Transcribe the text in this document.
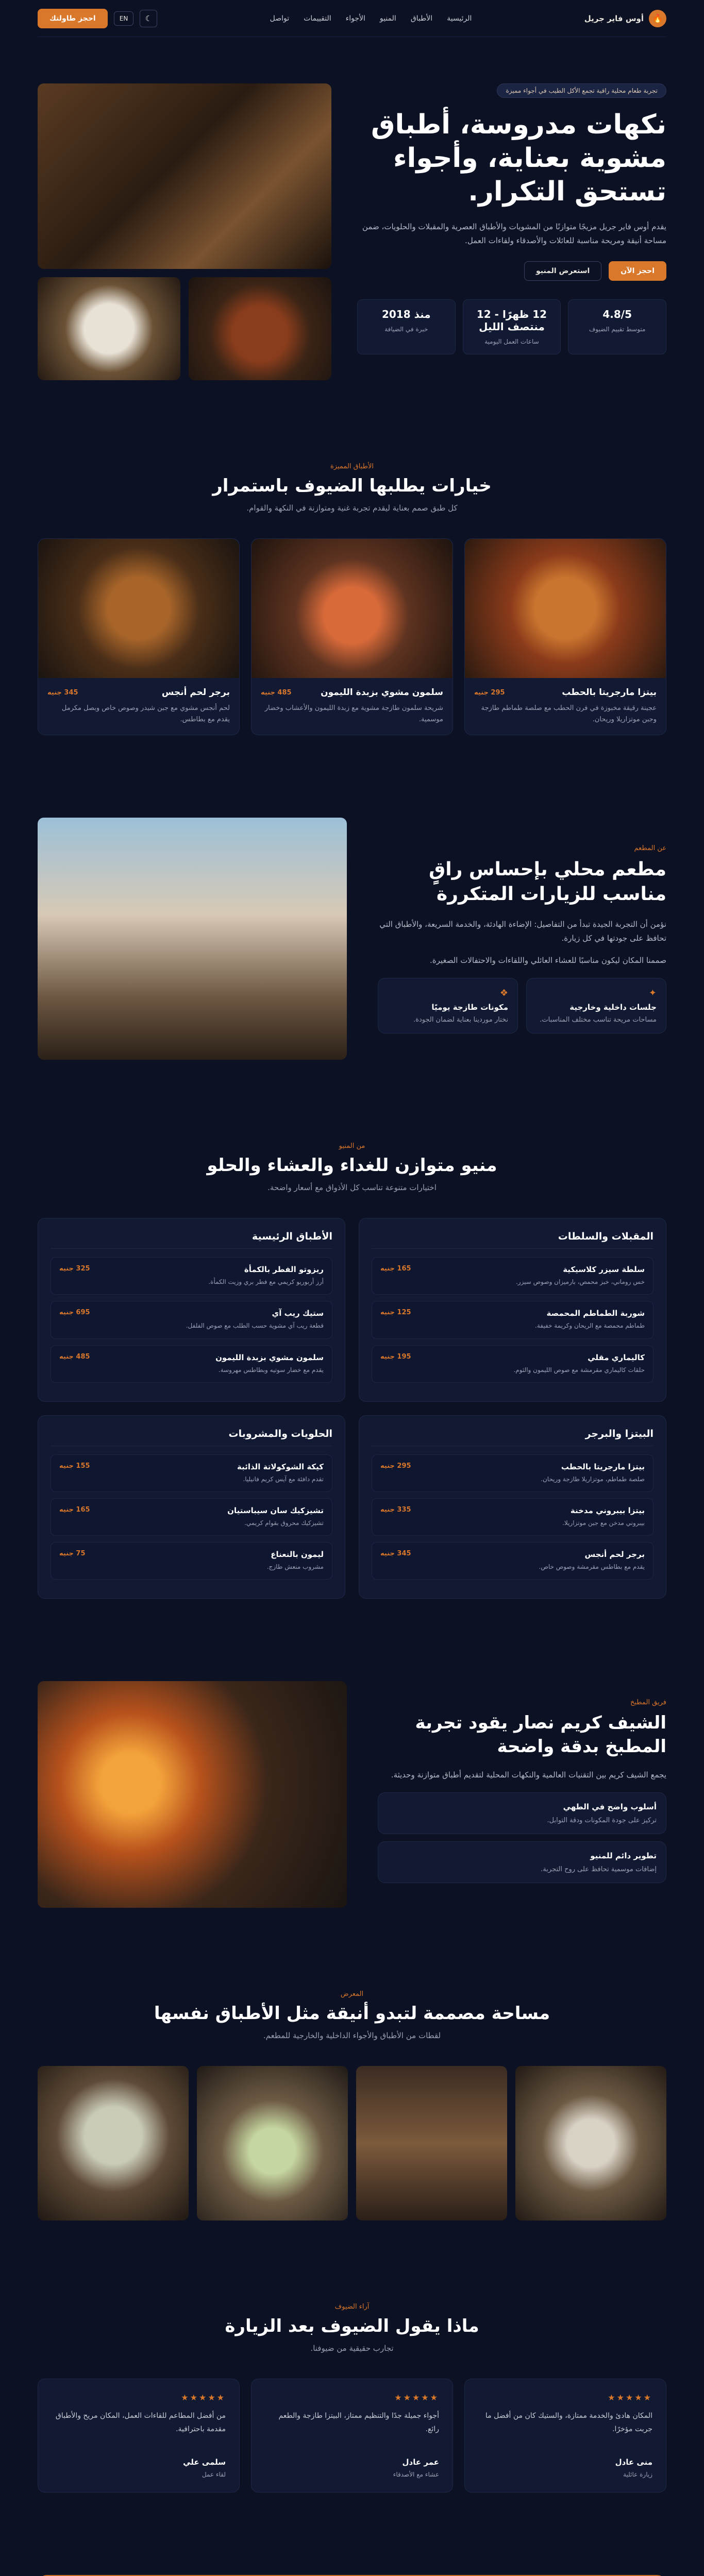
🔥
أوس فاير جريل
الرئيسية
الأطباق
المنيو
الأجواء
التقييمات
تواصل
☾
EN
احجز طاولتك
تجربة طعام محلية راقية تجمع الأكل الطيب في أجواء مميزة
نكهات مدروسة، أطباق مشوية بعناية، وأجواء تستحق التكرار.

يقدم أوس فاير جريل مزيجًا متوازنًا من المشويات والأطباق العصرية والمقبلات والحلويات، ضمن مساحة أنيقة ومريحة مناسبة للعائلات والأصدقاء ولقاءات العمل.

احجز الآن
استعرض المنيو
4.8/5
متوسط تقييم الضيوف
12 ظهرًا - 12 منتصف الليل
ساعات العمل اليومية
منذ 2018
خبرة في الضيافة
الأطباق المميزة
خيارات يطلبها الضيوف باستمرار

كل طبق صمم بعناية ليقدم تجربة غنية ومتوازنة في النكهة والقوام.

بيتزا مارجريتا بالحطب
295 جنيه

عجينة رقيقة مخبوزة في فرن الحطب مع صلصة طماطم طازجة وجبن موتزاريلا وريحان.

سلمون مشوي بزبدة الليمون
485 جنيه

شريحة سلمون طازجة مشوية مع زبدة الليمون والأعشاب وخضار موسمية.

برجر لحم أنجس
345 جنيه

لحم أنجس مشوي مع جبن شيدر وصوص خاص وبصل مكرمل يقدم مع بطاطس.

عن المطعم
مطعم محلي بإحساس راقٍ مناسب للزيارات المتكررة

نؤمن أن التجربة الجيدة تبدأ من التفاصيل: الإضاءة الهادئة، والخدمة السريعة، والأطباق التي تحافظ على جودتها في كل زيارة.

صممنا المكان ليكون مناسبًا للعشاء العائلي واللقاءات والاحتفالات الصغيرة.

✦
جلسات داخلية وخارجية
مساحات مريحة تناسب مختلف المناسبات.
❖
مكونات طازجة يوميًا
نختار موردينا بعناية لضمان الجودة.
من المنيو
منيو متوازن للغداء والعشاء والحلو

اختيارات متنوعة تناسب كل الأذواق مع أسعار واضحة.

المقبلات والسلطات
سلطة سيزر كلاسيكية
165 جنيه

خس روماني، خبز محمص، بارميزان وصوص سيزر.

شوربة الطماطم المحمصة
125 جنيه

طماطم محمصة مع الريحان وكريمة خفيفة.

كاليماري مقلي
195 جنيه

حلقات كاليماري مقرمشة مع صوص الليمون والثوم.

الأطباق الرئيسية
ريزوتو الفطر بالكمأة
325 جنيه

أرز أربوريو كريمي مع فطر بري وزيت الكمأة.

ستيك ريب آي
695 جنيه

قطعة ريب آي مشوية حسب الطلب مع صوص الفلفل.

سلمون مشوي بزبدة الليمون
485 جنيه

يقدم مع خضار سوتيه وبطاطس مهروسة.

البيتزا والبرجر
بيتزا مارجريتا بالحطب
295 جنيه

صلصة طماطم، موتزاريلا طازجة وريحان.

بيتزا بيبروني مدخنة
335 جنيه

بيبروني مدخن مع جبن موتزاريلا.

برجر لحم أنجس
345 جنيه

يقدم مع بطاطس مقرمشة وصوص خاص.

الحلويات والمشروبات
كيكة الشوكولاتة الذائبة
155 جنيه

تقدم دافئة مع آيس كريم فانيليا.

تشيزكيك سان سيباستيان
165 جنيه

تشيزكيك محروق بقوام كريمي.

ليمون بالنعناع
75 جنيه

مشروب منعش طازج.

فريق المطبخ
الشيف كريم نصار يقود تجربة المطبخ بدقة واضحة

يجمع الشيف كريم بين التقنيات العالمية والنكهات المحلية لتقديم أطباق متوازنة وحديثة.

أسلوب واضح في الطهي
تركيز على جودة المكونات ودقة التوابل.
تطوير دائم للمنيو
إضافات موسمية تحافظ على روح التجربة.
المعرض
مساحة مصممة لتبدو أنيقة مثل الأطباق نفسها

لقطات من الأطباق والأجواء الداخلية والخارجية للمطعم.

آراء الضيوف
ماذا يقول الضيوف بعد الزيارة

تجارب حقيقية من ضيوفنا.

★★★★★

المكان هادئ والخدمة ممتازة، والستيك كان من أفضل ما جربت مؤخرًا.

منى عادل
زيارة عائلية
★★★★★

أجواء جميلة جدًا والتنظيم ممتاز، البيتزا طازجة والطعم رائع.

عمر عادل
عشاء مع الأصدقاء
★★★★★

من أفضل المطاعم للقاءات العمل، المكان مريح والأطباق مقدمة باحترافية.

سلمى علي
لقاء عمل
